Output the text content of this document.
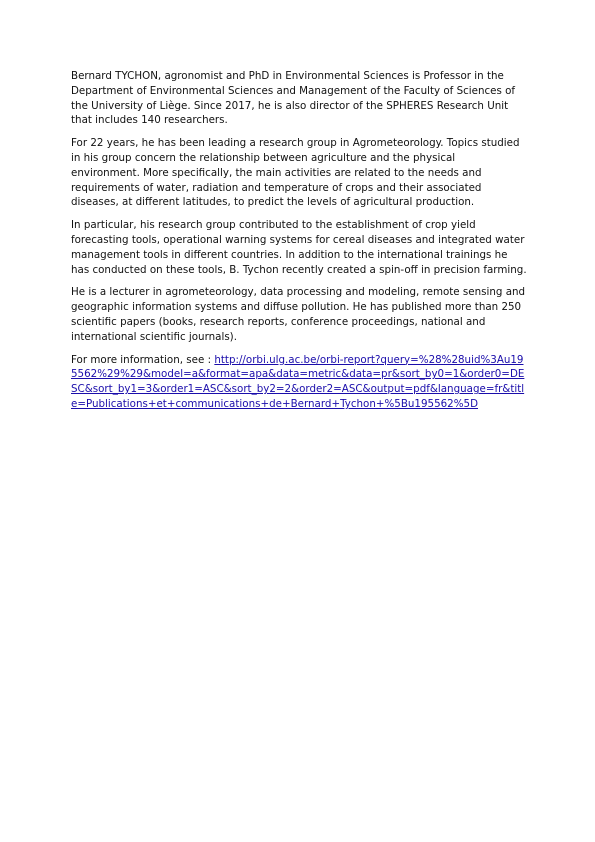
Bernard TYCHON, agronomist and PhD in Environmental Sciences is Professor in the Department of Environmental Sciences and Management of the Faculty of Sciences of the University of Liège. Since 2017, he is also director of the SPHERES Research Unit that includes 140 researchers.

For 22 years, he has been leading a research group in Agrometeorology. Topics studied in his group concern the relationship between agriculture and the physical environment. More specifically, the main activities are related to the needs and requirements of water, radiation and temperature of crops and their associated diseases, at different latitudes, to predict the levels of agricultural production.

In particular, his research group contributed to the establishment of crop yield forecasting tools, operational warning systems for cereal diseases and integrated water management tools in different countries. In addition to the international trainings he has conducted on these tools, B. Tychon recently created a spin-off in precision farming.

He is a lecturer in agrometeorology, data processing and modeling, remote sensing and geographic information systems and diffuse pollution. He has published more than 250 scientific papers (books, research reports, conference proceedings, national and international scientific journals).

For more information, see : http://orbi.ulg.ac.be/orbi-report?query=%28%28uid%3Au195562%29%29&model=a&format=apa&data=metric&data=pr&sort_by0=1&order0=DESC&sort_by1=3&order1=ASC&sort_by2=2&order2=ASC&output=pdf&language=fr&title=Publications+et+communications+de+Bernard+Tychon+%5Bu195562%5D
